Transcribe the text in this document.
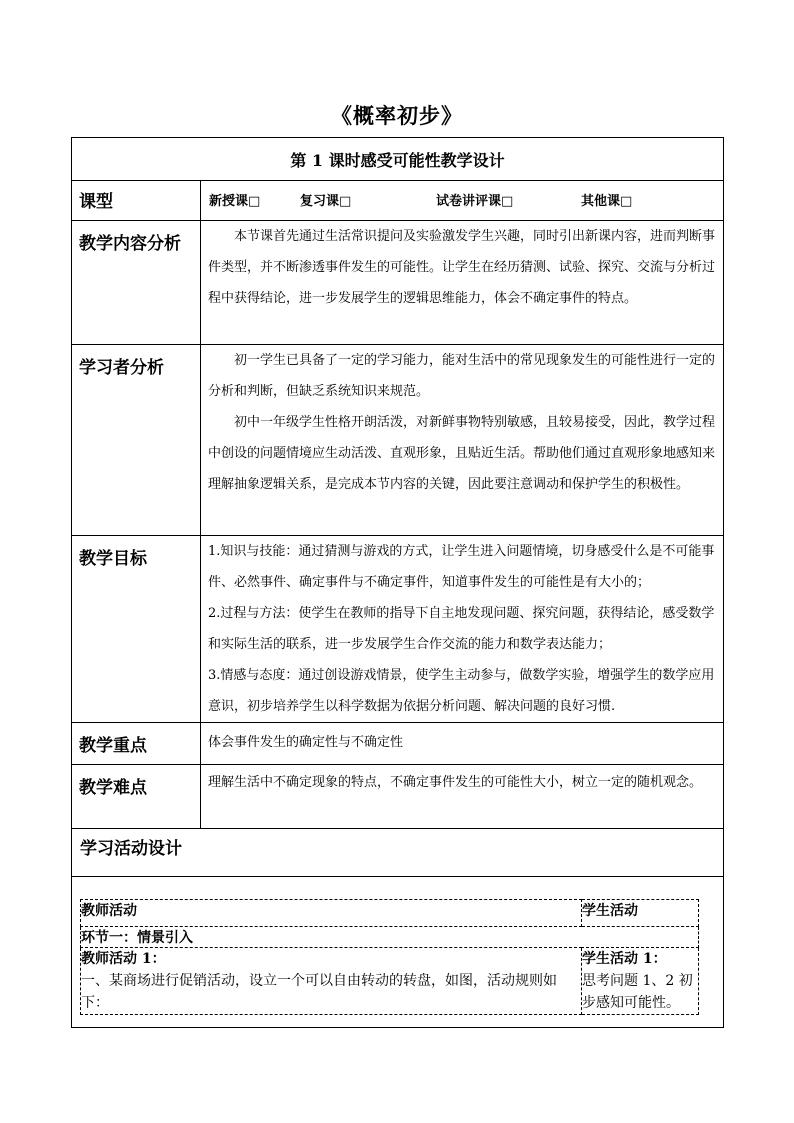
《概率初步》
第 1 课时感受可能性教学设计
课型	新授课□	复习课□	试卷讲评课□	其他课□

教学内容分析	本节课首先通过生活常识提问及实验激发学生兴趣，同时引出新课内容，进而判断事件类型，并不断渗透事件发生的可能性。让学生在经历猜测、试验、探究、交流与分析过程中获得结论，进一步发展学生的逻辑思维能力，体会不确定事件的特点。

学习者分析	初一学生已具备了一定的学习能力，能对生活中的常见现象发生的可能性进行一定的分析和判断，但缺乏系统知识来规范。

初中一年级学生性格开朗活泼，对新鲜事物特别敏感，且较易接受，因此，教学过程中创设的问题情境应生动活泼、直观形象，且贴近生活。帮助他们通过直观形象地感知来理解抽象逻辑关系，是完成本节内容的关键，因此要注意调动和保护学生的积极性。

教学目标	1.知识与技能：通过猜测与游戏的方式，让学生进入问题情境，切身感受什么是不可能事件、必然事件、确定事件与不确定事件，知道事件发生的可能性是有大小的；

2.过程与方法：使学生在教师的指导下自主地发现问题、探究问题，获得结论，感受数学和实际生活的联系，进一步发展学生合作交流的能力和数学表达能力；

3.情感与态度：通过创设游戏情景，使学生主动参与，做数学实验，增强学生的数学应用意识，初步培养学生以科学数据为依据分析问题、解决问题的良好习惯.

教学重点	体会事件发生的确定性与不确定性
教学难点	理解生活中不确定现象的特点，不确定事件发生的可能性大小，树立一定的随机观念。
学习活动设计

教师活动	学生活动
环节一：情景引入

教师活动 1：
一、某商场进行促销活动，设立一个可以自由转动的转盘，如图，活动规则如下：

学生活动 1：
思考问题 1、2 初步感知可能性。
